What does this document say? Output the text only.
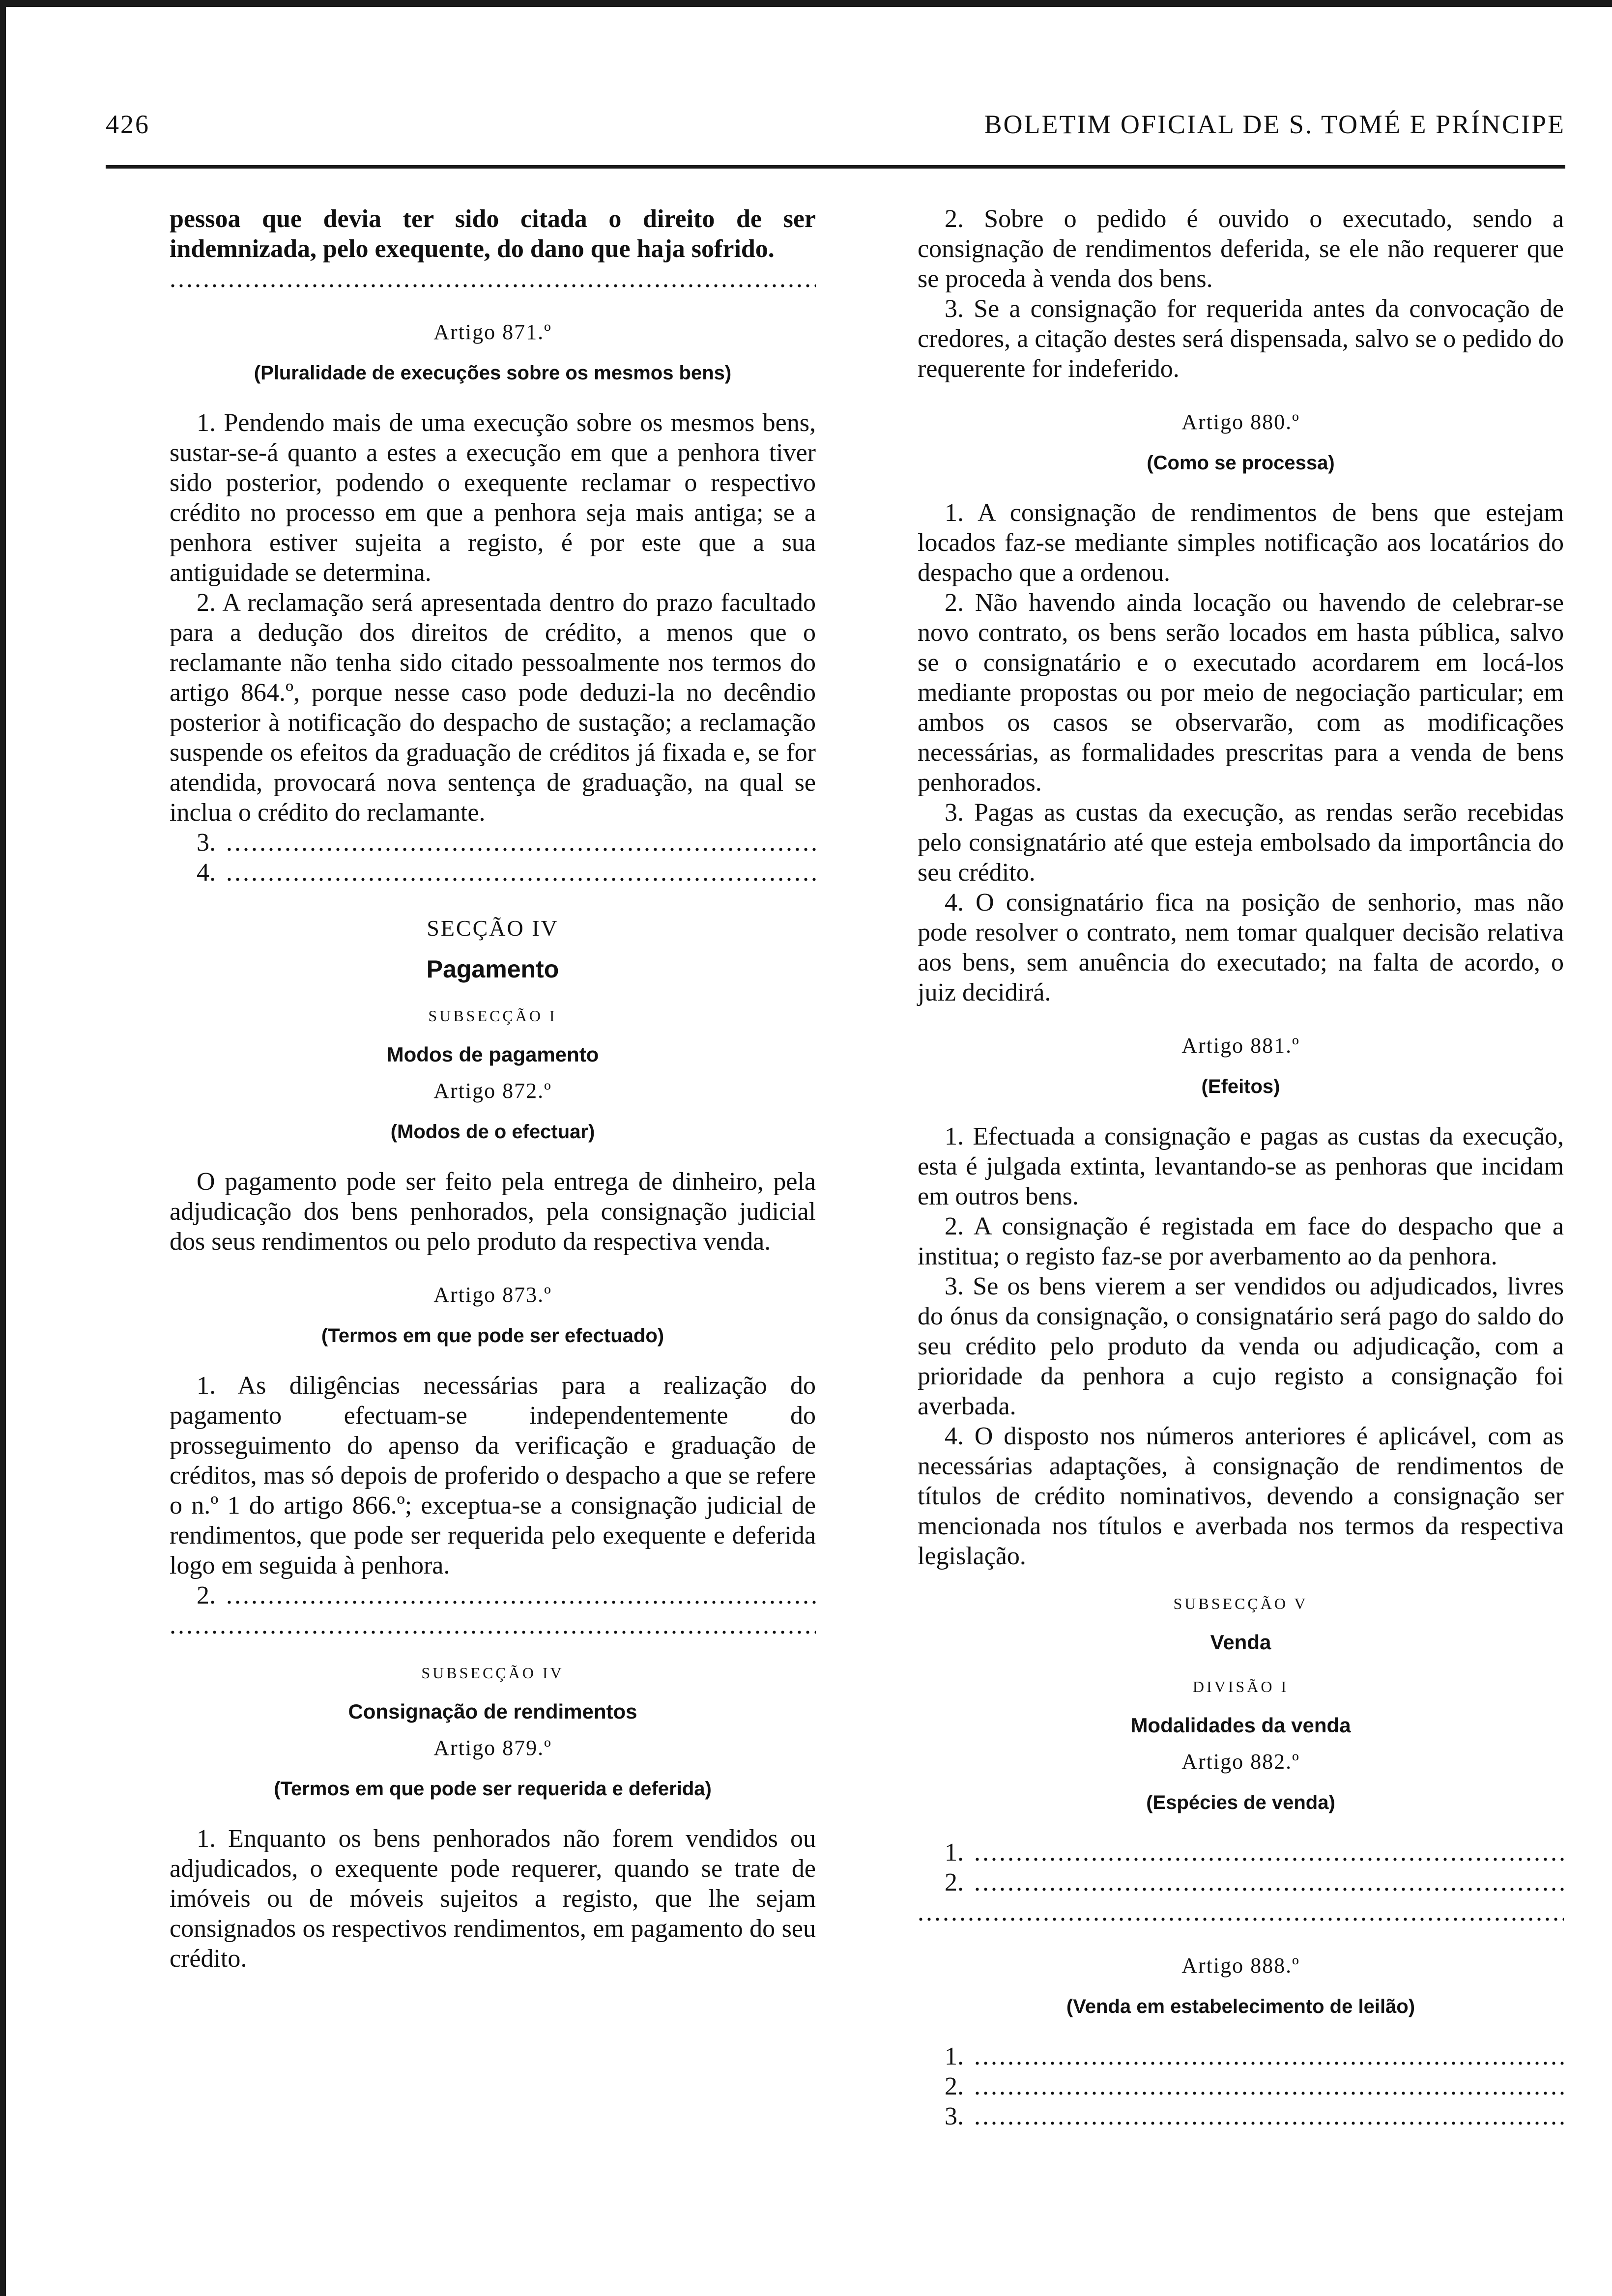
426	BOLETIM OFICIAL DE S. TOMÉ E PRÍNCIPE

pessoa que devia ter sido citada o direito de ser indemnizada, pelo exequente, do dano que haja sofrido.

.....
Artigo 871.º
(Pluralidade de execuções sobre os mesmos bens)

1. Pendendo mais de uma execução sobre os mesmos bens, sustar-se-á quanto a estes a execução em que a penhora tiver sido posterior, podendo o exequente reclamar o respectivo crédito no processo em que a penhora seja mais antiga; se a penhora estiver sujeita a registo, é por este que a sua antiguidade se determina.

2. A reclamação será apresentada dentro do prazo facultado para a dedução dos direitos de crédito, a menos que o reclamante não tenha sido citado pessoalmente nos termos do artigo 864.º, porque nesse caso pode deduzi-la no decêndio posterior à notificação do despacho de sustação; a reclamação suspende os efeitos da graduação de créditos já fixada e, se for atendida, provocará nova sentença de graduação, na qual se inclua o crédito do reclamante.

3. .....
4. .....
SECÇÃO IV
Pagamento
SUBSECÇÃO I
Modos de pagamento
Artigo 872.º
(Modos de o efectuar)

O pagamento pode ser feito pela entrega de dinheiro, pela adjudicação dos bens penhorados, pela consignação judicial dos seus rendimentos ou pelo produto da respectiva venda.

Artigo 873.º
(Termos em que pode ser efectuado)

1. As diligências necessárias para a realização do pagamento efectuam-se independentemente do prosseguimento do apenso da verificação e graduação de créditos, mas só depois de proferido o despacho a que se refere o n.º 1 do artigo 866.º; exceptua-se a consignação judicial de rendimentos, que pode ser requerida pelo exequente e deferida logo em seguida à penhora.

2. .....
.....
SUBSECÇÃO IV
Consignação de rendimentos
Artigo 879.º
(Termos em que pode ser requerida e deferida)

1. Enquanto os bens penhorados não forem vendidos ou adjudicados, o exequente pode requerer, quando se trate de imóveis ou de móveis sujeitos a registo, que lhe sejam consignados os respectivos rendimentos, em pagamento do seu crédito.

2. Sobre o pedido é ouvido o executado, sendo a consignação de rendimentos deferida, se ele não requerer que se proceda à venda dos bens.

3. Se a consignação for requerida antes da convocação de credores, a citação destes será dispensada, salvo se o pedido do requerente for indeferido.

Artigo 880.º
(Como se processa)

1. A consignação de rendimentos de bens que estejam locados faz-se mediante simples notificação aos locatários do despacho que a ordenou.

2. Não havendo ainda locação ou havendo de celebrar-se novo contrato, os bens serão locados em hasta pública, salvo se o consignatário e o executado acordarem em locá-los mediante propostas ou por meio de negociação particular; em ambos os casos se observarão, com as modificações necessárias, as formalidades prescritas para a venda de bens penhorados.

3. Pagas as custas da execução, as rendas serão recebidas pelo consignatário até que esteja embolsado da importância do seu crédito.

4. O consignatário fica na posição de senhorio, mas não pode resolver o contrato, nem tomar qualquer decisão relativa aos bens, sem anuência do executado; na falta de acordo, o juiz decidirá.

Artigo 881.º
(Efeitos)

1. Efectuada a consignação e pagas as custas da execução, esta é julgada extinta, levantando-se as penhoras que incidam em outros bens.

2. A consignação é registada em face do despacho que a institua; o registo faz-se por averbamento ao da penhora.

3. Se os bens vierem a ser vendidos ou adjudicados, livres do ónus da consignação, o consignatário será pago do saldo do seu crédito pelo produto da venda ou adjudicação, com a prioridade da penhora a cujo registo a consignação foi averbada.

4. O disposto nos números anteriores é aplicável, com as necessárias adaptações, à consignação de rendimentos de títulos de crédito nominativos, devendo a consignação ser mencionada nos títulos e averbada nos termos da respectiva legislação.

SUBSECÇÃO V
Venda
DIVISÃO I
Modalidades da venda
Artigo 882.º
(Espécies de venda)
1. .....
2. .....
.....
Artigo 888.º
(Venda em estabelecimento de leilão)
1. .....
2. .....
3. .....
